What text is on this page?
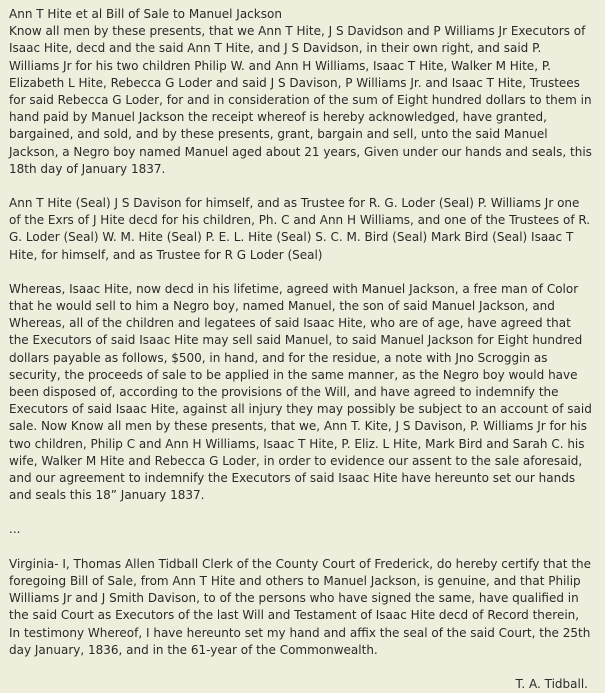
Ann T Hite et al Bill of Sale to Manuel Jackson

Know all men by these presents, that we Ann T Hite, J S Davidson and P Williams Jr Executors of Isaac Hite, decd and the said Ann T Hite, and J S Davidson, in their own right, and said P. Williams Jr for his two children Philip W. and Ann H Williams, Isaac T Hite, Walker M Hite, P. Elizabeth L Hite, Rebecca G Loder and said J S Davison, P Williams Jr. and Isaac T Hite, Trustees for said Rebecca G Loder, for and in consideration of the sum of Eight hundred dollars to them in hand paid by Manuel Jackson the receipt whereof is hereby acknowledged, have granted, bargained, and sold, and by these presents, grant, bargain and sell, unto the said Manuel Jackson, a Negro boy named Manuel aged about 21 years, Given under our hands and seals, this 18th day of January 1837.

Ann T Hite (Seal) J S Davison for himself, and as Trustee for R. G. Loder (Seal) P. Williams Jr one of the Exrs of J Hite decd for his children, Ph. C and Ann H Williams, and one of the Trustees of R. G. Loder (Seal) W. M. Hite (Seal) P. E. L. Hite (Seal) S. C. M. Bird (Seal) Mark Bird (Seal) Isaac T Hite, for himself, and as Trustee for R G Loder (Seal)

Whereas, Isaac Hite, now decd in his lifetime, agreed with Manuel Jackson, a free man of Color that he would sell to him a Negro boy, named Manuel, the son of said Manuel Jackson, and Whereas, all of the children and legatees of said Isaac Hite, who are of age, have agreed that the Executors of said Isaac Hite may sell said Manuel, to said Manuel Jackson for Eight hundred dollars payable as follows, $500, in hand, and for the residue, a note with Jno Scroggin as security, the proceeds of sale to be applied in the same manner, as the Negro boy would have been disposed of, according to the provisions of the Will, and have agreed to indemnify the Executors of said Isaac Hite, against all injury they may possibly be subject to an account of said sale. Now Know all men by these presents, that we, Ann T. Kite, J S Davison, P. Williams Jr for his two children, Philip C and Ann H Williams, Isaac T Hite, P. Eliz. L Hite, Mark Bird and Sarah C. his wife, Walker M Hite and Rebecca G Loder, in order to evidence our assent to the sale aforesaid, and our agreement to indemnify the Executors of said Isaac Hite have hereunto set our hands and seals this 18” January 1837.

...

Virginia- I, Thomas Allen Tidball Clerk of the County Court of Frederick, do hereby certify that the foregoing Bill of Sale, from Ann T Hite and others to Manuel Jackson, is genuine, and that Philip Williams Jr and J Smith Davison, to of the persons who have signed the same, have qualified in the said Court as Executors of the last Will and Testament of Isaac Hite decd of Record therein, In testimony Whereof, I have hereunto set my hand and affix the seal of the said Court, the 25th day January, 1836, and in the 61-year of the Commonwealth.

T. A. Tidball.
